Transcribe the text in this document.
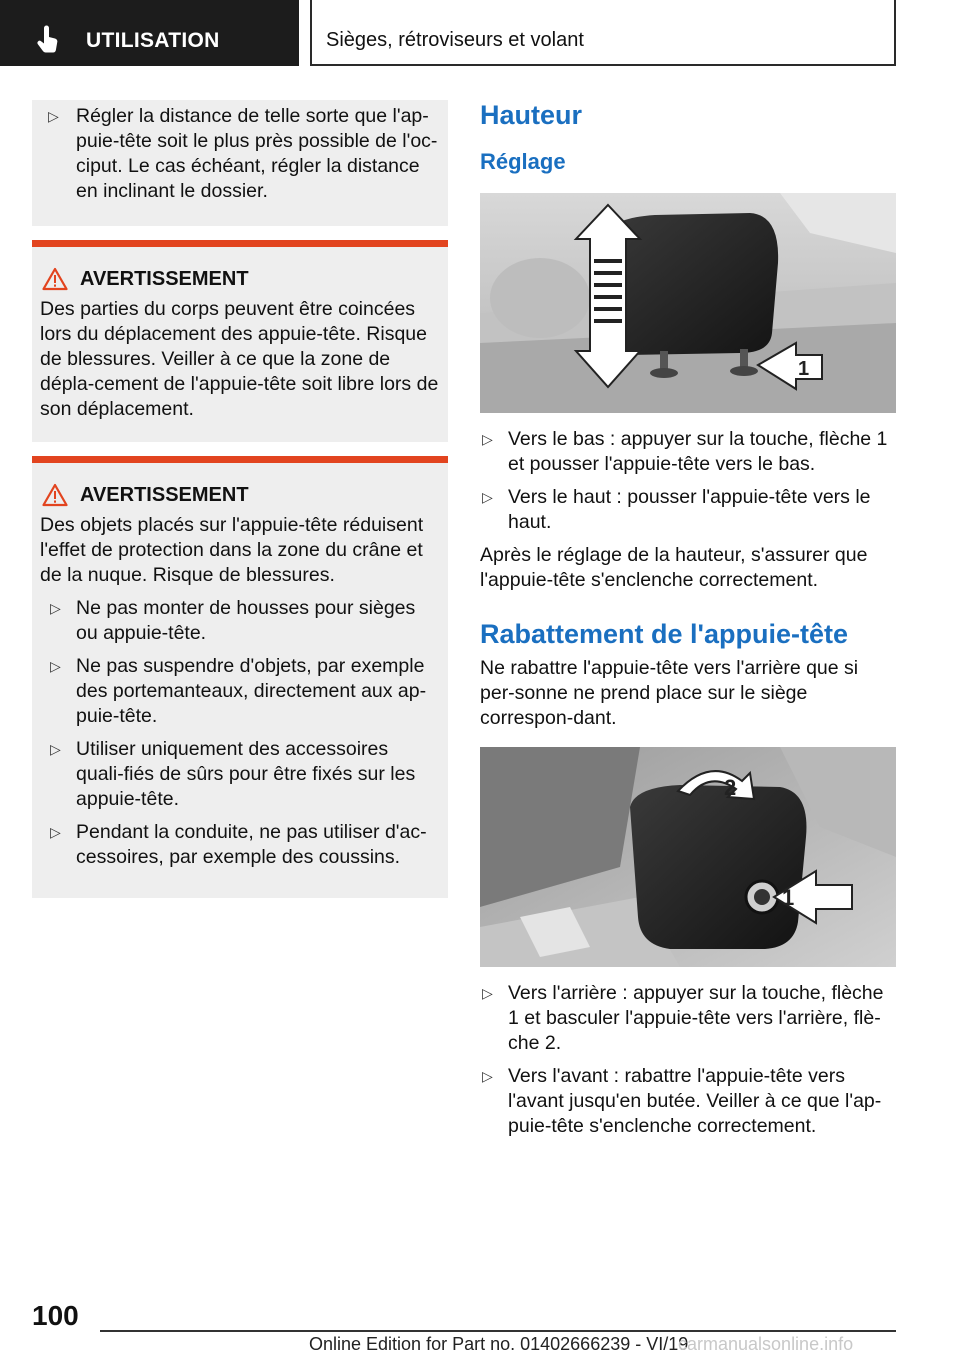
UTILISATION	Sièges, rétroviseurs et volant
▷ Régler la distance de telle sorte que l'ap-puie-tête soit le plus près possible de l'oc-ciput. Le cas échéant, régler la distance en inclinant le dossier.
AVERTISSEMENT

Des parties du corps peuvent être coincées lors du déplacement des appuie-tête. Risque de blessures. Veiller à ce que la zone de dépla-cement de l'appuie-tête soit libre lors de son déplacement.

AVERTISSEMENT

Des objets placés sur l'appuie-tête réduisent l'effet de protection dans la zone du crâne et de la nuque. Risque de blessures.

▷ Ne pas monter de housses pour sièges ou appuie-tête.
▷ Ne pas suspendre d'objets, par exemple des portemanteaux, directement aux ap-puie-tête.
▷ Utiliser uniquement des accessoires quali-fiés de sûrs pour être fixés sur les appuie-tête.
▷ Pendant la conduite, ne pas utiliser d'ac-cessoires, par exemple des coussins.
Hauteur
Réglage
1
▷ Vers le bas : appuyer sur la touche, flèche 1 et pousser l'appuie-tête vers le bas.
▷ Vers le haut : pousser l'appuie-tête vers le haut.

Après le réglage de la hauteur, s'assurer que l'appuie-tête s'enclenche correctement.

Rabattement de l'appuie-tête

Ne rabattre l'appuie-tête vers l'arrière que si per-sonne ne prend place sur le siège correspon-dant.

2
1
▷ Vers l'arrière : appuyer sur la touche, flèche 1 et basculer l'appuie-tête vers l'arrière, flè-che 2.
▷ Vers l'avant : rabattre l'appuie-tête vers l'avant jusqu'en butée. Veiller à ce que l'ap-puie-tête s'enclenche correctement.
100
Online Edition for Part no. 01402666239 - VI/19
carmanualsonline.info
